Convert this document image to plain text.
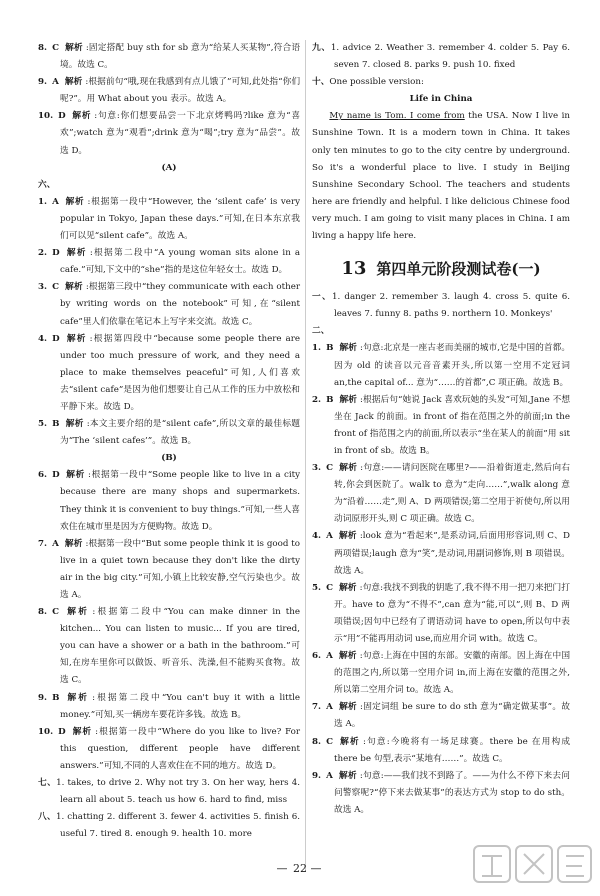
8. C 解析 :固定搭配 buy sth for sb 意为“给某人买某物”,符合语境。故选 C。
9. A 解析 :根据前句“哦,现在我感到有点儿饿了”可知,此处指“你们呢?”。用 What about you 表示。故选 A。
10. D 解析 :句意:你们想要品尝一下北京烤鸭吗?like 意为“喜欢”;watch 意为“观看”;drink 意为“喝”;try 意为“品尝”。故选 D。
(A)
六、
1. A 解析 :根据第一段中“However, the ‘silent cafe’ is very popular in Tokyo, Japan these days.”可知,在日本东京我们可以见“silent cafe”。故选 A。
2. D 解析 :根据第二段中“A young woman sits alone in a cafe.”可知,下文中的“she”指的是这位年轻女士。故选 D。
3. C 解析 :根据第三段中“they communicate with each other by writing words on the notebook”可知,在“silent cafe”里人们依靠在笔记本上写字来交流。故选 C。
4. D 解析 :根据第四段中“because some people there are under too much pressure of work, and they need a place to make themselves peaceful”可知,人们喜欢去“silent cafe”是因为他们想要让自己从工作的压力中放松和平静下来。故选 D。
5. B 解析 :本文主要介绍的是“silent cafe”,所以文章的最佳标题为“The ‘silent cafes’”。故选 B。
(B)
6. D 解析 :根据第一段中“Some people like to live in a city because there are many shops and supermarkets. They think it is convenient to buy things.”可知,一些人喜欢住在城市里是因为方便购物。故选 D。
7. A 解析 :根据第一段中“But some people think it is good to live in a quiet town because they don't like the dirty air in the big city.”可知,小镇上比较安静,空气污染也少。故选 A。
8. C 解析 :根据第二段中“You can make dinner in the kitchen... You can listen to music... If you are tired, you can have a shower or a bath in the bathroom.”可知,在房车里你可以做饭、听音乐、洗澡,但不能购买食物。故选 C。
9. B 解析 :根据第二段中“You can't buy it with a little money.”可知,买一辆房车要花许多钱。故选 B。
10. D 解析 :根据第一段中“Where do you like to live? For this question, different people have different answers.”可知,不同的人喜欢住在不同的地方。故选 D。
七、1. takes, to drive 2. Why not try 3. On her way, hers 4. learn all about 5. teach us how 6. hard to find, miss
八、1. chatting 2. different 3. fewer 4. activities 5. finish 6. useful 7. tired 8. enough 9. health 10. more
九、1. advice 2. Weather 3. remember 4. colder 5. Pay 6. seven 7. closed 8. parks 9. push 10. fixed
十、One possible version:
Life in China
My name is Tom. I come from the USA. Now I live in Sunshine Town. It is a modern town in China. It takes only ten minutes to go to the city centre by underground. So it's a wonderful place to live. I study in Beijing Sunshine Secondary School. The teachers and students here are friendly and helpful. I like delicious Chinese food very much. I am going to visit many places in China. I am living a happy life here.
13 第四单元阶段测试卷(一)
一、1. danger 2. remember 3. laugh 4. cross 5. quite 6. leaves 7. funny 8. paths 9. northern 10. Monkeys'
二、
1. B 解析 :句意:北京是一座古老而美丽的城市,它是中国的首都。因为 old 的读音以元音音素开头,所以第一空用不定冠词 an,the capital of... 意为“……的首都”,C 项正确。故选 B。
2. B 解析 :根据后句“她说 Jack 喜欢玩她的头发”可知,Jane 不想坐在 Jack 的前面。in front of 指在范围之外的前面;in the front of 指范围之内的前面,所以表示“坐在某人的前面”用 sit in front of sb。故选 B。
3. C 解析 :句意:——请问医院在哪里?——沿着街道走,然后向右转,你会到医院了。walk to 意为“走向……”,walk along 意为“沿着……走”,则 A、D 两项错误;第二空用于祈使句,所以用动词原形开头,则 C 项正确。故选 C。
4. A 解析 :look 意为“看起来”,是系动词,后面用形容词,则 C、D 两项错误;laugh 意为“笑”,是动词,用副词修饰,则 B 项错误。故选 A。
5. C 解析 :句意:我找不到我的钥匙了,我不得不用一把刀来把门打开。have to 意为“不得不”,can 意为“能,可以”,则 B、D 两项错误;因句中已经有了谓语动词 have to open,所以句中表示“用”不能再用动词 use,而应用介词 with。故选 C。
6. A 解析 :句意:上海在中国的东部。安徽的南部。因上海在中国的范围之内,所以第一空用介词 in,而上海在安徽的范围之外,所以第二空用介词 to。故选 A。
7. A 解析 :固定词组 be sure to do sth 意为“确定做某事”。故选 A。
8. C 解析 :句意:今晚将有一场足球赛。there be 在用构成 there be 句型,表示“某地有……”。故选 C。
9. A 解析 :句意:——我们找不到路了。——为什么不停下来去问问警察呢?“停下来去做某事”的表达方式为 stop to do sth。故选 A。
— 22 —
